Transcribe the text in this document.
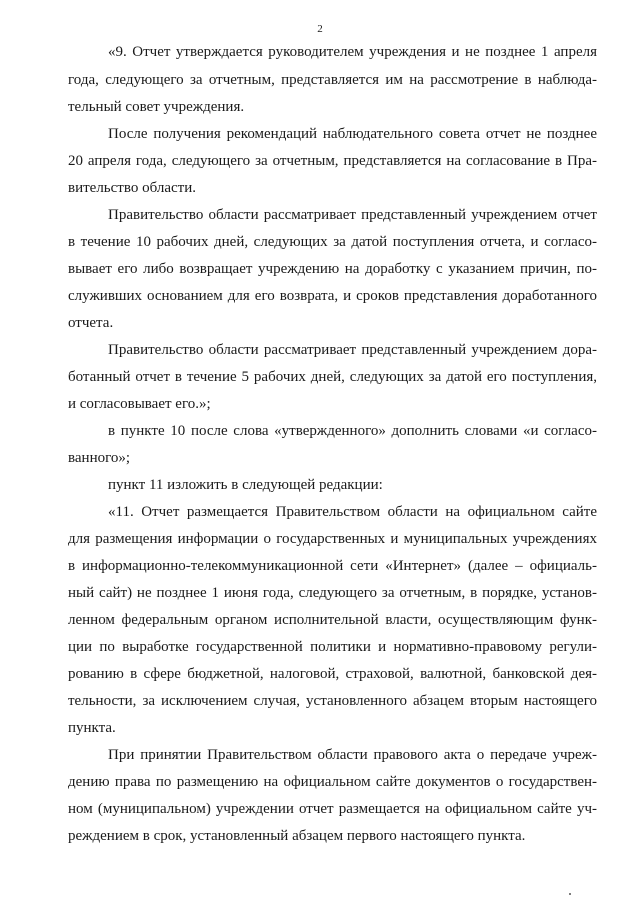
2
«9. Отчет утверждается руководителем учреждения и не позднее 1 апреля
года, следующего за отчетным, представляется им на рассмотрение в наблюда-
тельный совет учреждения.
После получения рекомендаций наблюдательного совета отчет не позднее
20 апреля года, следующего за отчетным, представляется на согласование в Пра-
вительство области.
Правительство области рассматривает представленный учреждением отчет
в течение 10 рабочих дней, следующих за датой поступления отчета, и согласо-
вывает его либо возвращает учреждению на доработку с указанием причин, по-
служивших основанием для его возврата, и сроков представления доработанного
отчета.
Правительство области рассматривает представленный учреждением дора-
ботанный отчет в течение 5 рабочих дней, следующих за датой его поступления,
и согласовывает его.»;
в пункте 10 после слова «утвержденного» дополнить словами «и согласо-
ванного»;
пункт 11 изложить в следующей редакции:
«11. Отчет размещается Правительством области на официальном сайте
для размещения информации о государственных и муниципальных учреждениях
в информационно-телекоммуникационной сети «Интернет» (далее – официаль-
ный сайт) не позднее 1 июня года, следующего за отчетным, в порядке, установ-
ленном федеральным органом исполнительной власти, осуществляющим функ-
ции по выработке государственной политики и нормативно-правовому регули-
рованию в сфере бюджетной, налоговой, страховой, валютной, банковской дея-
тельности, за исключением случая, установленного абзацем вторым настоящего
пункта.
При принятии Правительством области правового акта о передаче учреж-
дению права по размещению на официальном сайте документов о государствен-
ном (муниципальном) учреждении отчет размещается на официальном сайте уч-
реждением в срок, установленный абзацем первого настоящего пункта.
